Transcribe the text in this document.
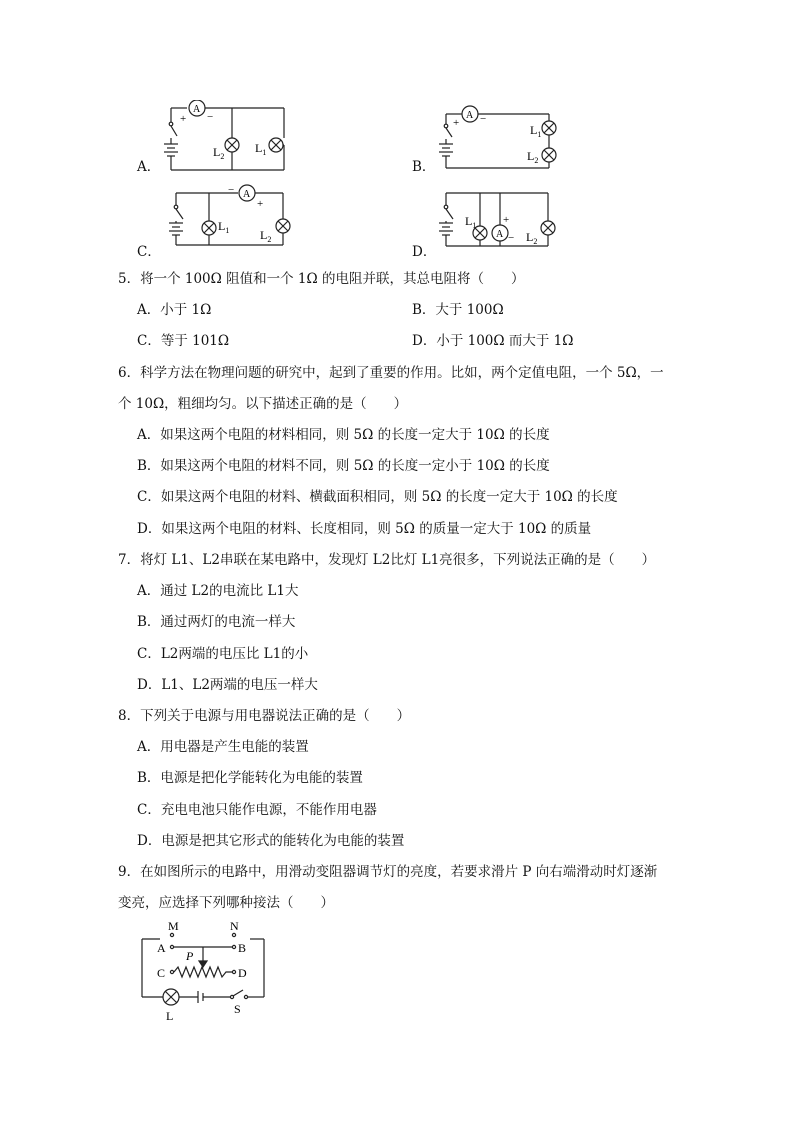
A
+ −
$L_2$
$L_1$
A．
A
+ −
$L_1$
$L_2$
B．
A
−
+
$L_1$	$L_2$
C．
$L_1$
A
+
− $L_2$
D．
5．将一个 100Ω 阻值和一个 1Ω 的电阻并联，其总电阻将（　　）
A．小于 1Ω	B．大于 100Ω
C．等于 101Ω	D．小于 100Ω 而大于 1Ω
6．科学方法在物理问题的研究中，起到了重要的作用。比如，两个定值电阻，一个 5Ω，一
个 10Ω，粗细均匀。以下描述正确的是（　　）
A．如果这两个电阻的材料相同，则 5Ω 的长度一定大于 10Ω 的长度
B．如果这两个电阻的材料不同，则 5Ω 的长度一定小于 10Ω 的长度
C．如果这两个电阻的材料、横截面积相同，则 5Ω 的长度一定大于 10Ω 的长度
D．如果这两个电阻的材料、长度相同，则 5Ω 的质量一定大于 10Ω 的质量
7．将灯 L1、L2串联在某电路中，发现灯 L2比灯 L1亮很多，下列说法正确的是（　　）
A．通过 L2的电流比 L1大
B．通过两灯的电流一样大
C．L2两端的电压比 L1的小
D．L1、L2两端的电压一样大
8．下列关于电源与用电器说法正确的是（　　）
A．用电器是产生电能的装置
B．电源是把化学能转化为电能的装置
C．充电电池只能作电源，不能作用电器
D．电源是把其它形式的能转化为电能的装置
9．在如图所示的电路中，用滑动变阻器调节灯的亮度，若要求滑片 P 向右端滑动时灯逐渐
变亮，应选择下列哪种接法（　　）
M	N
A	B
C	D
P
L	S
